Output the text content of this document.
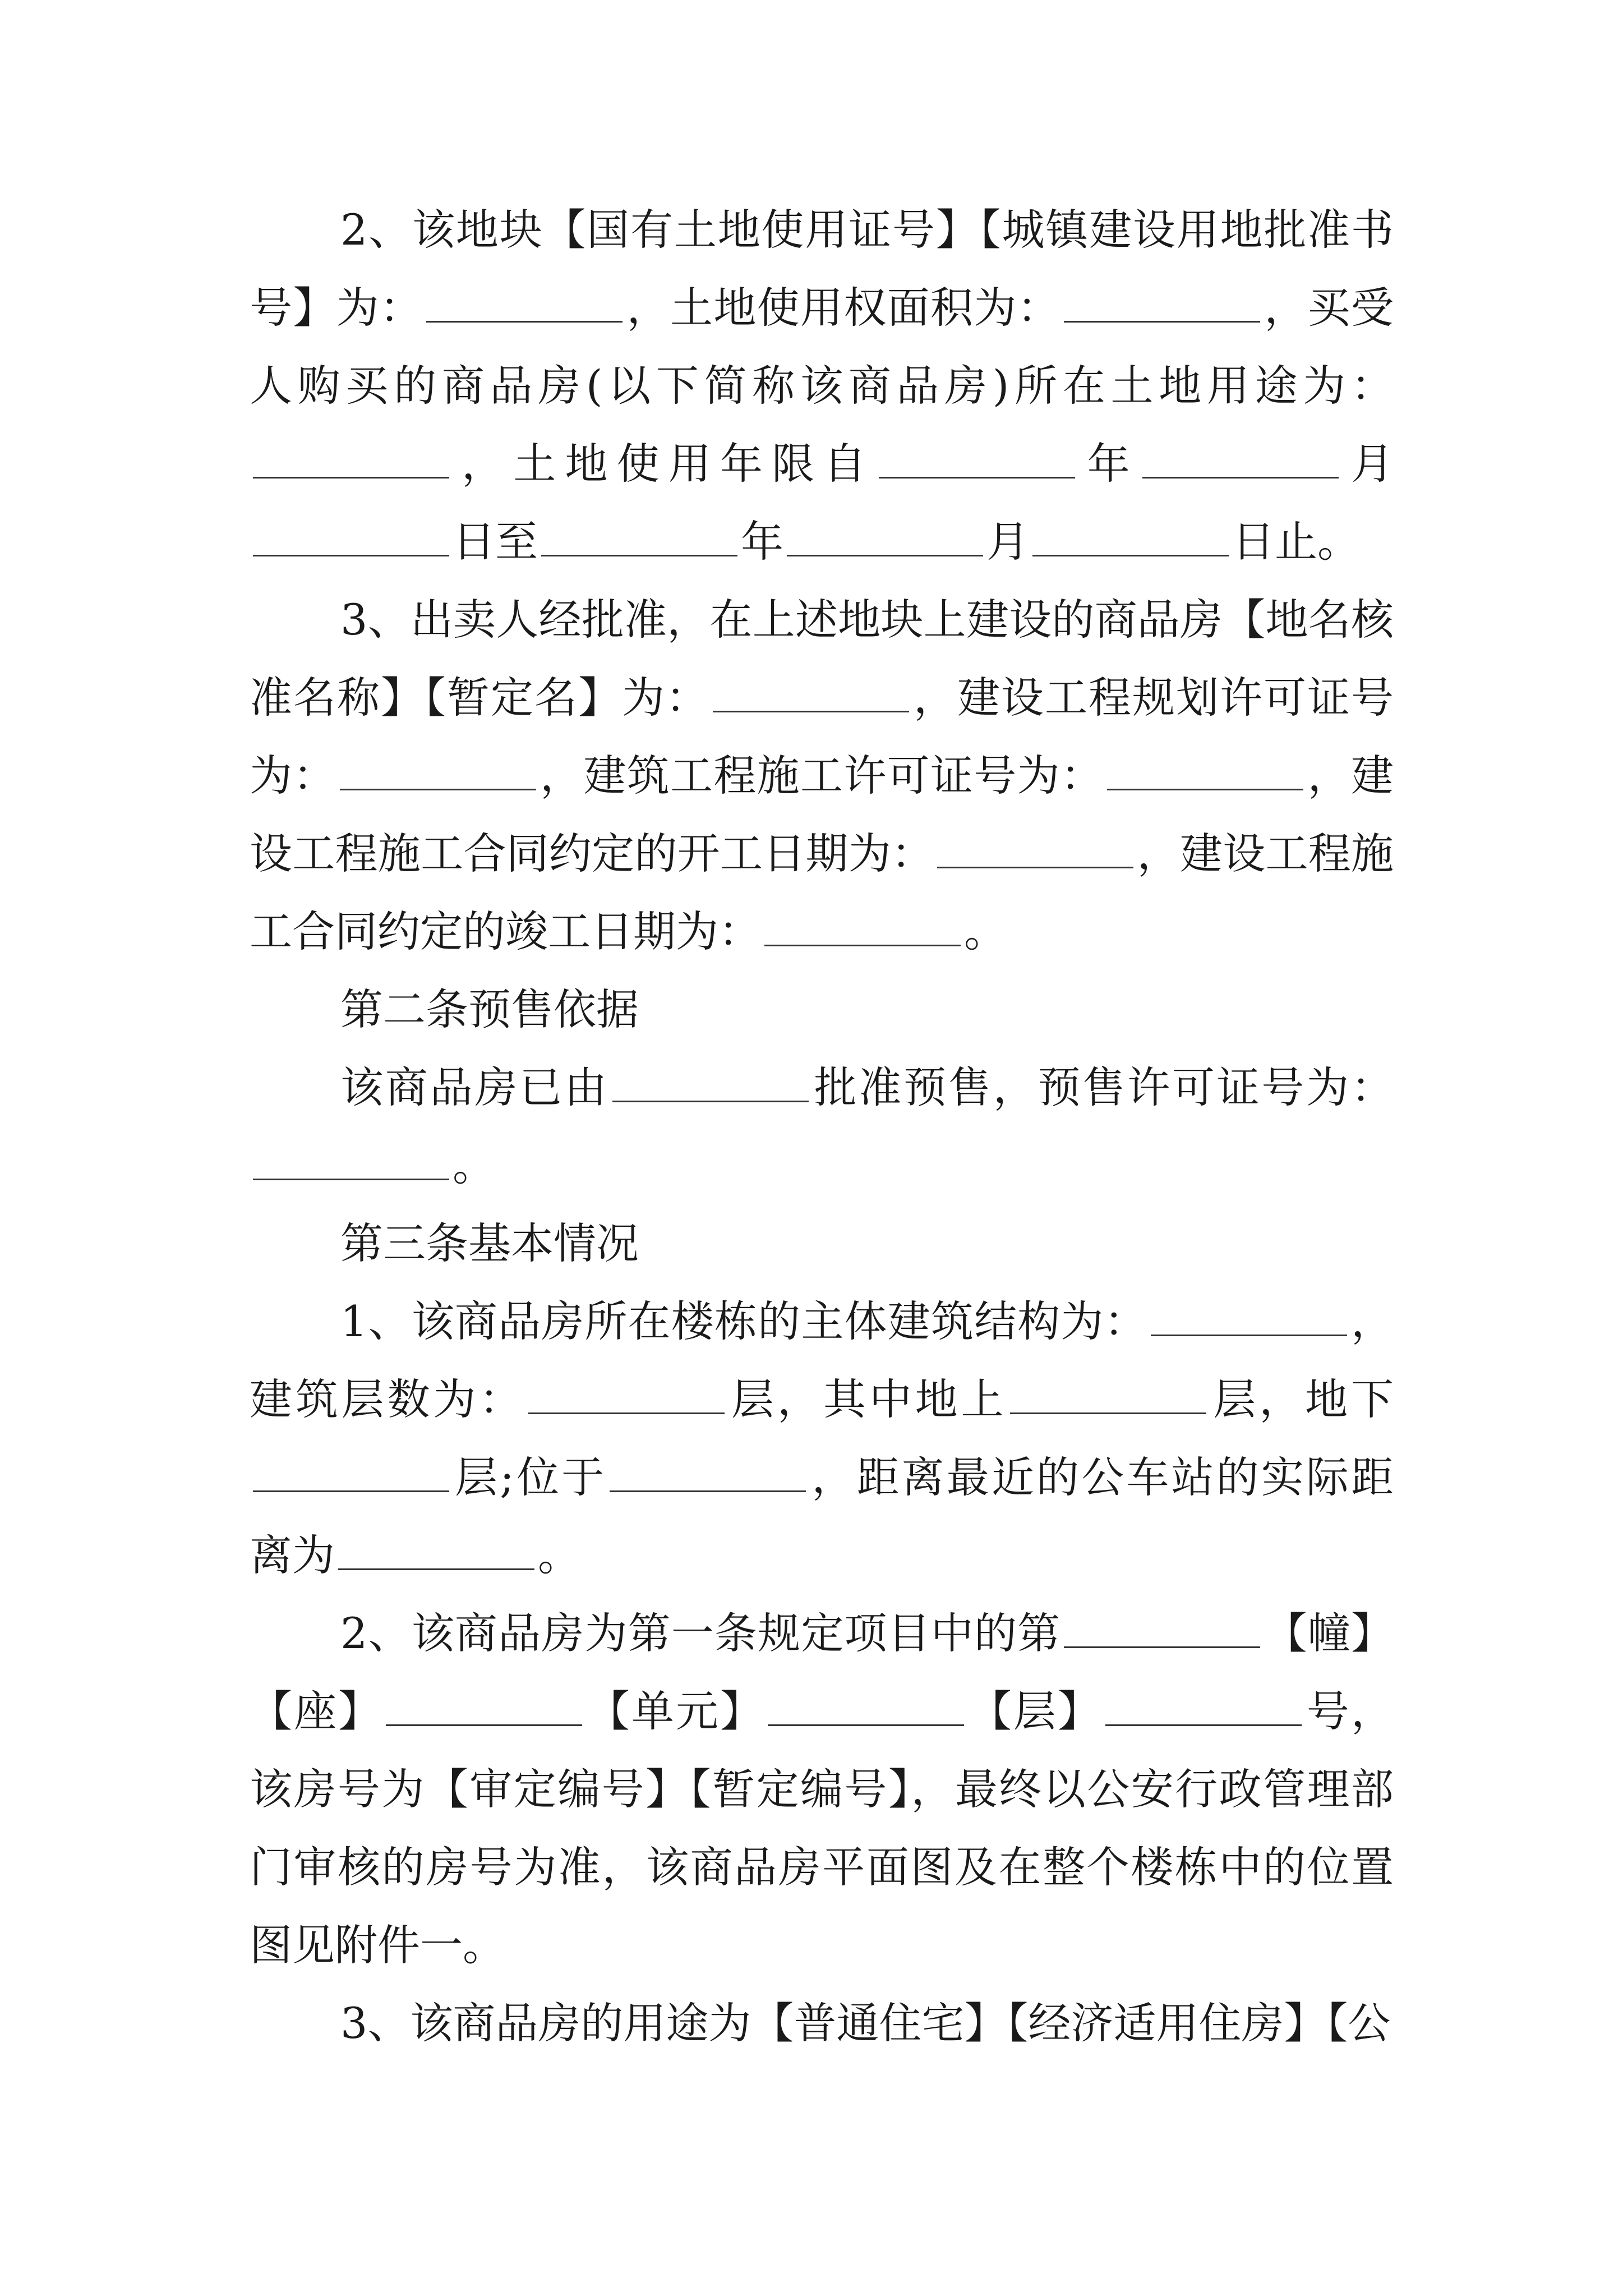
2、该地块【国有土地使用证号】【城镇建设用地批准书号】为：	，土地使用权面积为：	，买受人购买的商品房(以下简称该商品房)所在土地用途为：，土地使用年限自	年	月日至	年	月	日止。

3、出卖人经批准，在上述地块上建设的商品房【地名核准名称】【暂定名】为：	，建设工程规划许可证号为：	，建筑工程施工许可证号为：	，建设工程施工合同约定的开工日期为：	，建设工程施工合同约定的竣工日期为：	。

第二条预售依据

该商品房已由	批准预售，预售许可证号为：。

第三条基本情况

1、该商品房所在楼栋的主体建筑结构为：	，建筑层数为：	层，其中地上	层，地下层;位于	，距离最近的公车站的实际距离为	。

2、该商品房为第一条规定项目中的第	【幢】【座】	【单元】	【层】	号，该房号为【审定编号】【暂定编号】，最终以公安行政管理部门审核的房号为准，该商品房平面图及在整个楼栋中的位置图见附件一。

3、该商品房的用途为【普通住宅】【经济适用住房】【公
